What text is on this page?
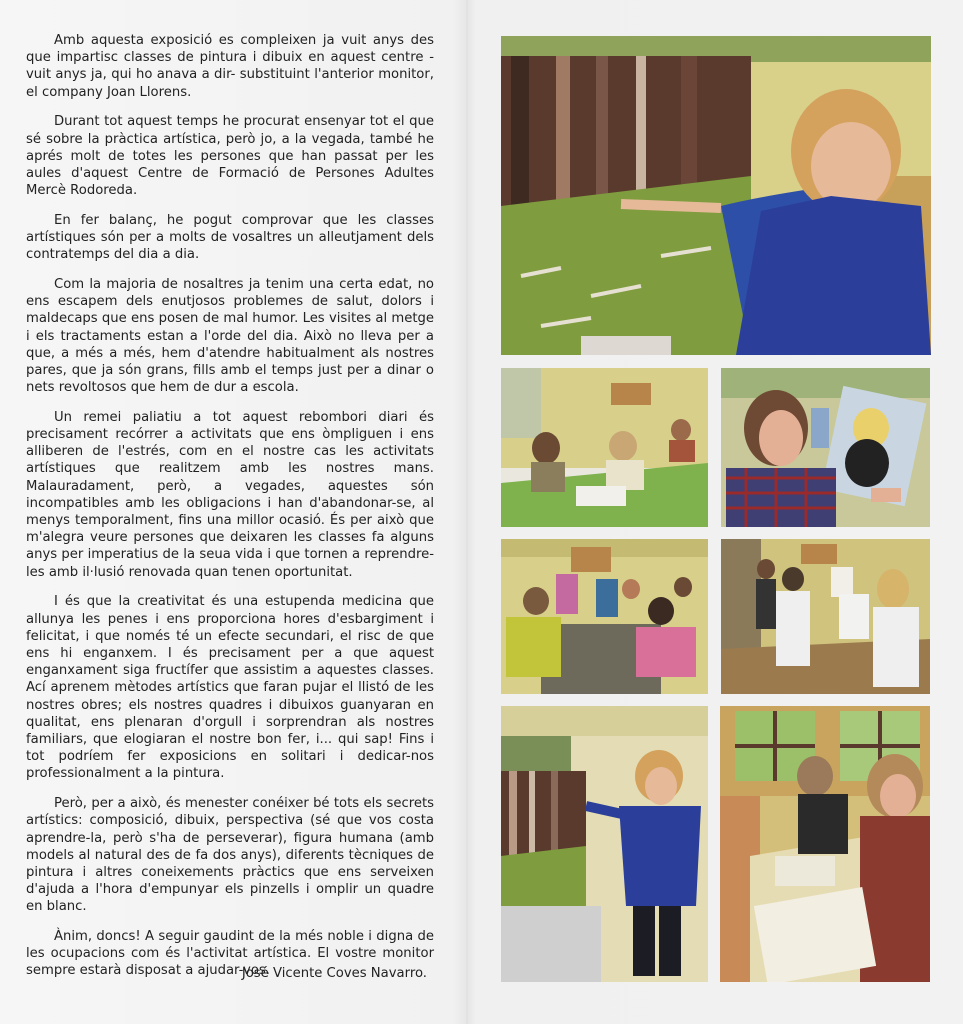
Amb aquesta exposició es compleixen ja vuit anys des que impartisc classes de pintura i dibuix en aquest centre -vuit anys ja, qui ho anava a dir- substituint l'anterior monitor, el company Joan Llorens.

Durant tot aquest temps he procurat ensenyar tot el que sé sobre la pràctica artística, però jo, a la vegada, també he aprés molt de totes les persones que han passat per les aules d'aquest Centre de Formació de Persones Adultes Mercè Rodoreda.

En fer balanç, he pogut comprovar que les classes artístiques són per a molts de vosaltres un alleutjament dels contratemps del dia a dia.

Com la majoria de nosaltres ja tenim una certa edat, no ens escapem dels enutjosos problemes de salut, dolors i maldecaps que ens posen de mal humor. Les visites al metge i els tractaments estan a l'orde del dia. Això no lleva per a que, a més a més, hem d'atendre habitualment als nostres pares, que ja són grans, fills amb el temps just per a dinar o nets revoltosos que hem de dur a escola.

Un remei paliatiu a tot aquest rebombori diari és precisament recórrer a activitats que ens òmpliguen i ens alliberen de l'estrés, com en el nostre cas les activitats artístiques que realitzem amb les nostres mans. Malauradament, però, a vegades, aquestes són incompatibles amb les obligacions i han d'abandonar-se, al menys temporalment, fins una millor ocasió. És per això que m'alegra veure persones que deixaren les classes fa alguns anys per imperatius de la seua vida i que tornen a reprendre-les amb il·lusió renovada quan tenen oportunitat.

I és que la creativitat és una estupenda medicina que allunya les penes i ens proporciona hores d'esbargiment i felicitat, i que només té un efecte secundari, el risc de que ens hi enganxem. I és precisament per a que aquest enganxament siga fructífer que assistim a aquestes classes. Ací aprenem mètodes artístics que faran pujar el llistó de les nostres obres; els nostres quadres i dibuixos guanyaran en qualitat, ens plenaran d'orgull i sorprendran als nostres familiars, que elogiaran el nostre bon fer, i... qui sap! Fins i tot podríem fer exposicions en solitari i dedicar-nos professionalment a la pintura.

Però, per a això, és menester conéixer bé tots els secrets artístics: composició, dibuix, perspectiva (sé que vos costa aprendre-la, però s'ha de perseverar), figura humana (amb models al natural des de fa dos anys), diferents tècniques de pintura i altres coneixements pràctics que ens serveixen d'ajuda a l'hora d'empunyar els pinzells i omplir un quadre en blanc.

Ànim, doncs! A seguir gaudint de la més noble i digna de les ocupacions com és l'activitat artística. El vostre monitor sempre estarà disposat a ajudar-vos.

José Vicente Coves Navarro.
